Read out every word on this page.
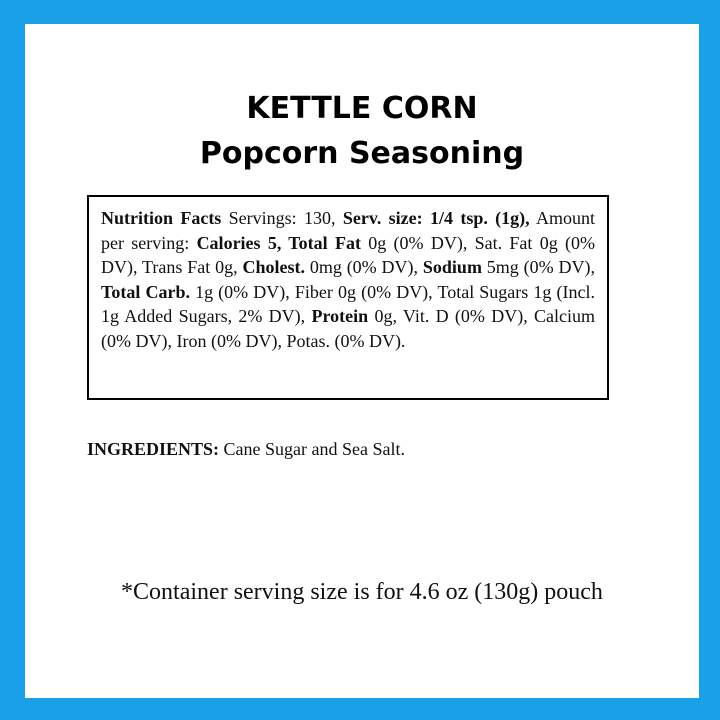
KETTLE CORN
Popcorn Seasoning
Nutrition Facts Servings: 130, Serv. size: 1/4 tsp. (1g), Amount per serving: Calories 5, Total Fat 0g (0% DV), Sat. Fat 0g (0% DV), Trans Fat 0g, Cholest. 0mg (0% DV), Sodium 5mg (0% DV), Total Carb. 1g (0% DV), Fiber 0g (0% DV), Total Sugars 1g (Incl. 1g Added Sugars, 2% DV), Protein 0g, Vit. D (0% DV), Calcium (0% DV), Iron (0% DV), Potas. (0% DV).
INGREDIENTS: Cane Sugar and Sea Salt.
*Container serving size is for 4.6 oz (130g) pouch
